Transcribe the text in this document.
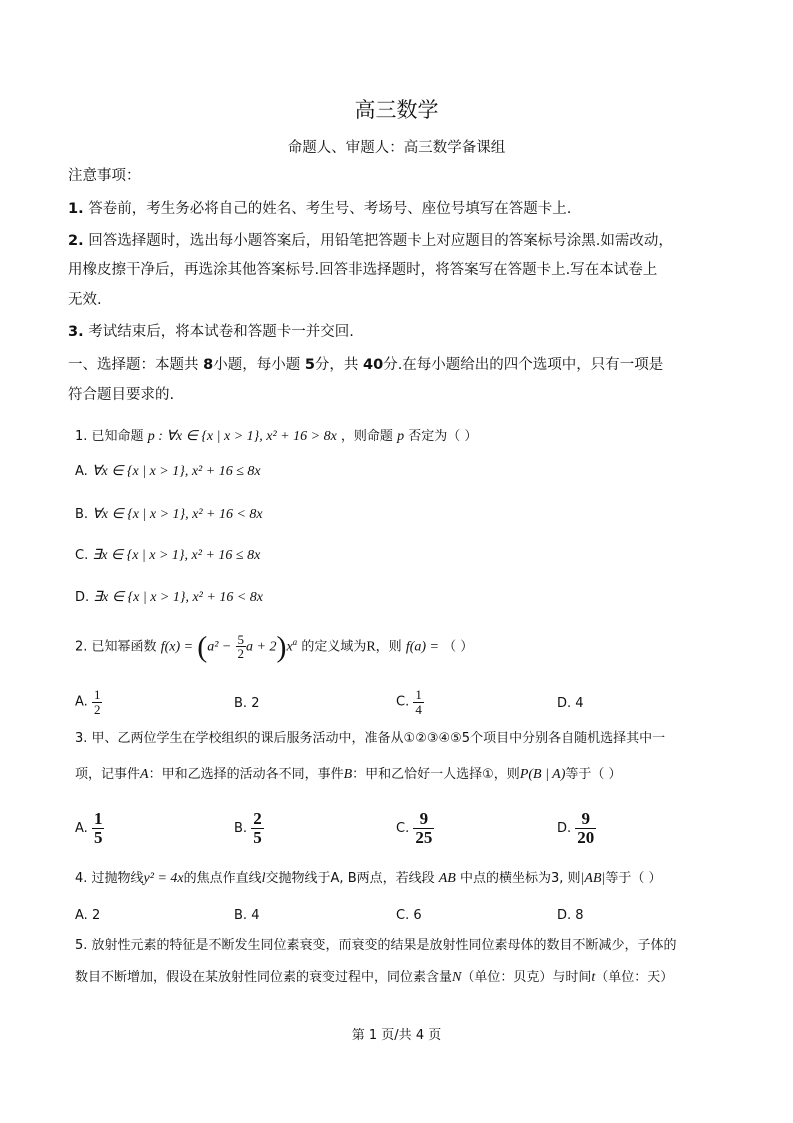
高三数学
命题人、审题人：高三数学备课组
注意事项：
1. 答卷前，考生务必将自己的姓名、考生号、考场号、座位号填写在答题卡上.
2. 回答选择题时，选出每小题答案后，用铅笔把答题卡上对应题目的答案标号涂黑.如需改动，
用橡皮擦干净后，再选涂其他答案标号.回答非选择题时，将答案写在答题卡上.写在本试卷上
无效.
3. 考试结束后，将本试卷和答题卡一并交回.
一、选择题：本题共 8小题，每小题 5分，共 40分.在每小题给出的四个选项中，只有一项是
符合题目要求的.
1. 已知命题 p : ∀x ∈ {x | x > 1}, x² + 16 > 8x ，则命题 p 否定为（ ）
A. ∀x ∈ {x | x > 1}, x² + 16 ≤ 8x
B. ∀x ∈ {x | x > 1}, x² + 16 < 8x
C. ∃x ∈ {x | x > 1}, x² + 16 ≤ 8x
D. ∃x ∈ {x | x > 1}, x² + 16 < 8x
2. 已知幂函数 $f(x) = (a^2 - \frac{5}{2}$ $a + 2)x^a$ 的定义域为R，则 f(a) = （ ）
A. $\frac{1}{2}$	B. 2	C. $\frac{1}{4}$	D. 4
3. 甲、乙两位学生在学校组织的课后服务活动中，准备从①②③④⑤5个项目中分别各自随机选择其中一
项，记事件A：甲和乙选择的活动各不同，事件B：甲和乙恰好一人选择①，则P(B | A)等于（ ）
A. $\frac{1}{5}$	B. $\frac{2}{5}$	C. $\frac{9}{25}$	D. $\frac{9}{20}$
4. 过抛物线y² = 4x的焦点作直线l交抛物线于A, B两点，若线段 AB 中点的横坐标为3, 则|AB|等于（ ）
A. 2	B. 4	C. 6	D. 8
5. 放射性元素的特征是不断发生同位素衰变，而衰变的结果是放射性同位素母体的数目不断减少，子体的
数目不断增加，假设在某放射性同位素的衰变过程中，同位素含量N（单位：贝克）与时间t（单位：天）
第 1 页/共 4 页
